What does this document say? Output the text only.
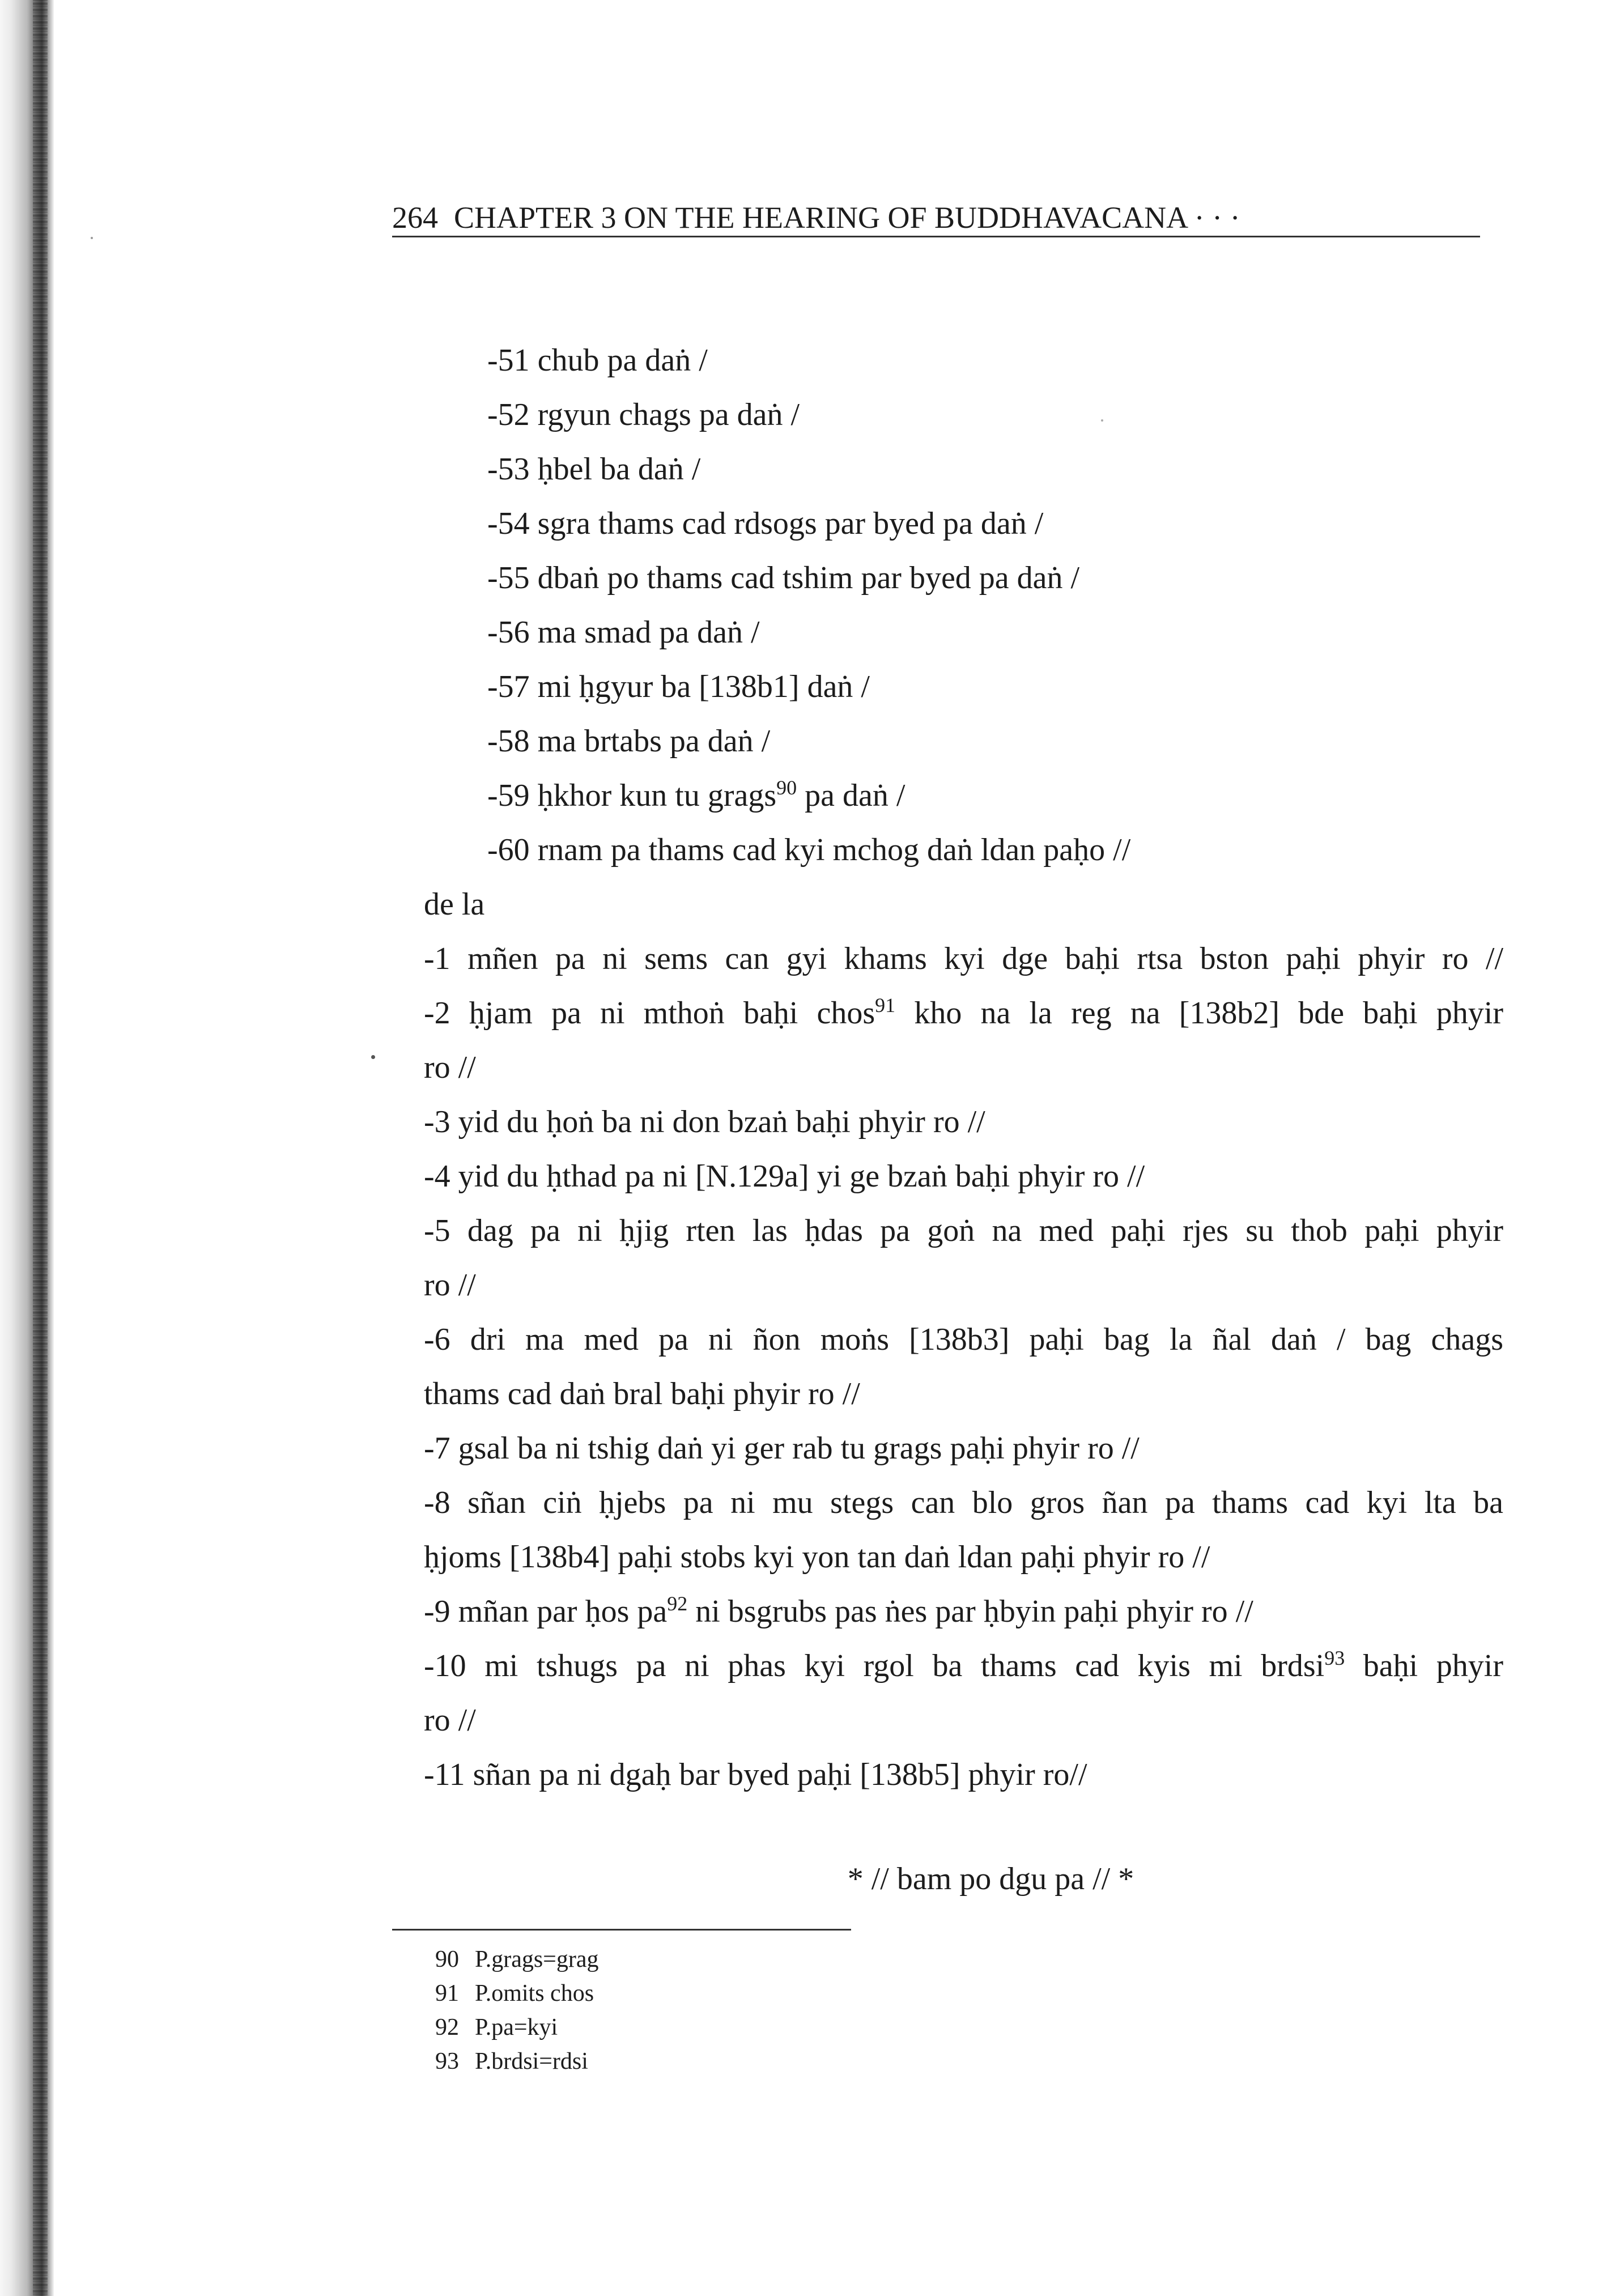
264 CHAPTER 3 ON THE HEARING OF BUDDHAVACANA · · ·
-51 chub pa daṅ /
-52 rgyun chags pa daṅ /
-53 ḥbel ba daṅ /
-54 sgra thams cad rdsogs par byed pa daṅ /
-55 dbaṅ po thams cad tshim par byed pa daṅ /
-56 ma smad pa daṅ /
-57 mi ḥgyur ba [138b1] daṅ /
-58 ma brtabs pa daṅ /
-59 ḥkhor kun tu grags$^{90}$ pa daṅ /
-60 rnam pa thams cad kyi mchog daṅ ldan paḥo //
de la
-1 mñen pa ni sems can gyi khams kyi dge baḥi rtsa bston paḥi phyir ro //
-2 ḥjam pa ni mthoṅ baḥi chos$^{91}$ kho na la reg na [138b2] bde baḥi phyir
ro //
-3 yid du ḥoṅ ba ni don bzaṅ baḥi phyir ro //
-4 yid du ḥthad pa ni [N.129a] yi ge bzaṅ baḥi phyir ro //
-5 dag pa ni ḥjig rten las ḥdas pa goṅ na med paḥi rjes su thob paḥi phyir
ro //
-6 dri ma med pa ni ñon moṅs [138b3] paḥi bag la ñal daṅ / bag chags
thams cad daṅ bral baḥi phyir ro //
-7 gsal ba ni tshig daṅ yi ger rab tu grags paḥi phyir ro //
-8 sñan ciṅ ḥjebs pa ni mu stegs can blo gros ñan pa thams cad kyi lta ba
ḥjoms [138b4] paḥi stobs kyi yon tan daṅ ldan paḥi phyir ro //
-9 mñan par ḥos $pa^{92}$ ni bsgrubs pas ṅes par ḥbyin paḥi phyir ro //
-10 mi tshugs pa ni phas kyi rgol ba thams cad kyis mi brdsi$^{93}$ baḥi phyir
ro //
-11 sñan pa ni dgaḥ bar byed paḥi [138b5] phyir ro//
* // bam po dgu pa // *
90 P.grags=grag
91 P.omits chos
92 P.pa=kyi
93 P.brdsi=rdsi
